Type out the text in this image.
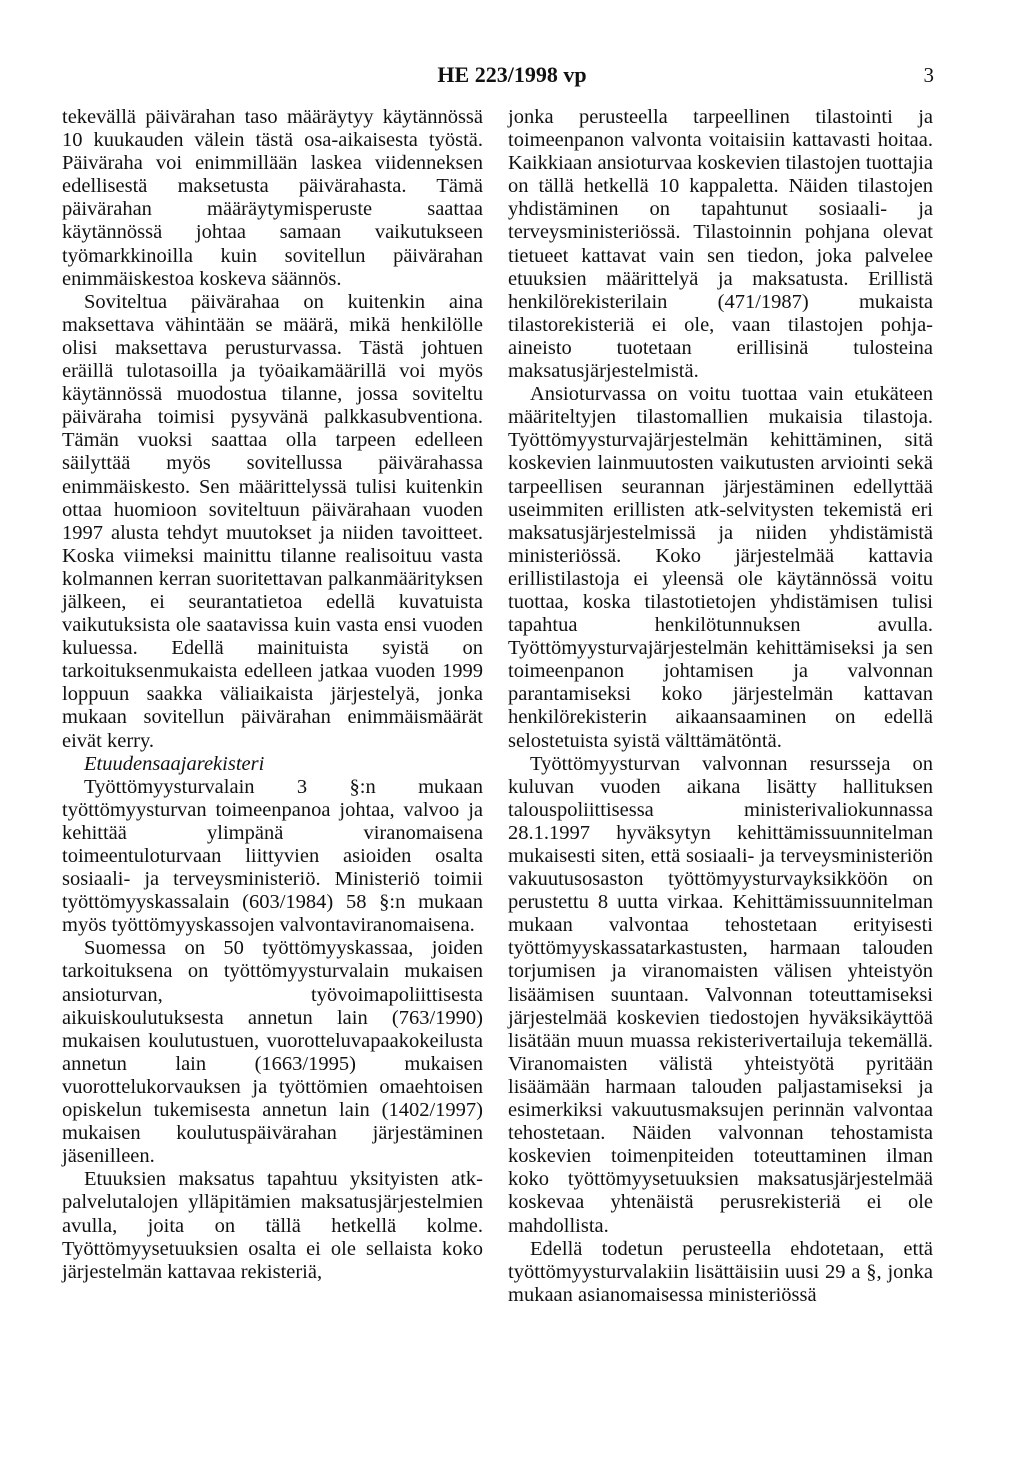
HE 223/1998 vp	3

tekevällä päivärahan taso määräytyy käytännössä 10 kuukauden välein tästä osa-aikaisesta työstä. Päiväraha voi enimmillään laskea viidenneksen edellisestä maksetusta päivärahasta. Tämä päivärahan määräytymisperuste saattaa käytännössä johtaa samaan vaikutukseen työmarkkinoilla kuin sovitellun päivärahan enimmäiskestoa koskeva säännös.

Soviteltua päivärahaa on kuitenkin aina maksettava vähintään se määrä, mikä henkilölle olisi maksettava perusturvassa. Tästä johtuen eräillä tulotasoilla ja työaikamäärillä voi myös käytännössä muodostua tilanne, jossa soviteltu päiväraha toimisi pysyvänä palkkasubventiona. Tämän vuoksi saattaa olla tarpeen edelleen säilyttää myös sovitellussa päivärahassa enimmäiskesto. Sen määrittelyssä tulisi kuitenkin ottaa huomioon soviteltuun päivärahaan vuoden 1997 alusta tehdyt muutokset ja niiden tavoitteet. Koska viimeksi mainittu tilanne realisoituu vasta kolmannen kerran suoritettavan palkanmäärityksen jälkeen, ei seurantatietoa edellä kuvatuista vaikutuksista ole saatavissa kuin vasta ensi vuoden kuluessa. Edellä mainituista syistä on tarkoituksenmukaista edelleen jatkaa vuoden 1999 loppuun saakka väliaikaista järjestelyä, jonka mukaan sovitellun päivärahan enimmäismäärät eivät kerry.

Etuudensaajarekisteri

Työttömyysturvalain 3 §:n mukaan työttömyysturvan toimeenpanoa johtaa, valvoo ja kehittää ylimpänä viranomaisena toimeentuloturvaan liittyvien asioiden osalta sosiaali- ja terveysministeriö. Ministeriö toimii työttömyyskassalain (603/1984) 58 §:n mukaan myös työttömyyskassojen valvontaviranomaisena.

Suomessa on 50 työttömyyskassaa, joiden tarkoituksena on työttömyysturvalain mukaisen ansioturvan, työvoimapoliittisesta aikuiskoulutuksesta annetun lain (763/1990) mukaisen koulutustuen, vuorotteluvapaakokeilusta annetun lain (1663/1995) mukaisen vuorottelukorvauksen ja työttömien omaehtoisen opiskelun tukemisesta annetun lain (1402/1997) mukaisen koulutuspäivärahan järjestäminen jäsenilleen.

Etuuksien maksatus tapahtuu yksityisten atk-palvelutalojen ylläpitämien maksatusjärjestelmien avulla, joita on tällä hetkellä kolme. Työttömyysetuuksien osalta ei ole sellaista koko järjestelmän kattavaa rekisteriä,

jonka perusteella tarpeellinen tilastointi ja toimeenpanon valvonta voitaisiin kattavasti hoitaa. Kaikkiaan ansioturvaa koskevien tilastojen tuottajia on tällä hetkellä 10 kappaletta. Näiden tilastojen yhdistäminen on tapahtunut sosiaali- ja terveysministeriössä. Tilastoinnin pohjana olevat tietueet kattavat vain sen tiedon, joka palvelee etuuksien määrittelyä ja maksatusta. Erillistä henkilörekisterilain (471/1987) mukaista tilastorekisteriä ei ole, vaan tilastojen pohja-aineisto tuotetaan erillisinä tulosteina maksatusjärjestelmistä.

Ansioturvassa on voitu tuottaa vain etukäteen määriteltyjen tilastomallien mukaisia tilastoja. Työttömyysturvajärjestelmän kehittäminen, sitä koskevien lainmuutosten vaikutusten arviointi sekä tarpeellisen seurannan järjestäminen edellyttää useimmiten erillisten atk-selvitysten tekemistä eri maksatusjärjestelmissä ja niiden yhdistämistä ministeriössä. Koko järjestelmää kattavia erillistilastoja ei yleensä ole käytännössä voitu tuottaa, koska tilastotietojen yhdistämisen tulisi tapahtua henkilötunnuksen avulla. Työttömyysturvajärjestelmän kehittämiseksi ja sen toimeenpanon johtamisen ja valvonnan parantamiseksi koko järjestelmän kattavan henkilörekisterin aikaansaaminen on edellä selostetuista syistä välttämätöntä.

Työttömyysturvan valvonnan resursseja on kuluvan vuoden aikana lisätty hallituksen talouspoliittisessa ministerivaliokunnassa 28.1.1997 hyväksytyn kehittämissuunnitelman mukaisesti siten, että sosiaali- ja terveysministeriön vakuutusosaston työttömyysturvayksikköön on perustettu 8 uutta virkaa. Kehittämissuunnitelman mukaan valvontaa tehostetaan erityisesti työttömyyskassatarkastusten, harmaan talouden torjumisen ja viranomaisten välisen yhteistyön lisäämisen suuntaan. Valvonnan toteuttamiseksi järjestelmää koskevien tiedostojen hyväksikäyttöä lisätään muun muassa rekisterivertailuja tekemällä. Viranomaisten välistä yhteistyötä pyritään lisäämään harmaan talouden paljastamiseksi ja esimerkiksi vakuutusmaksujen perinnän valvontaa tehostetaan. Näiden valvonnan tehostamista koskevien toimenpiteiden toteuttaminen ilman koko työttömyysetuuksien maksatusjärjestelmää koskevaa yhtenäistä perusrekisteriä ei ole mahdollista.

Edellä todetun perusteella ehdotetaan, että työttömyysturvalakiin lisättäisiin uusi 29 a §, jonka mukaan asianomaisessa ministeriössä
